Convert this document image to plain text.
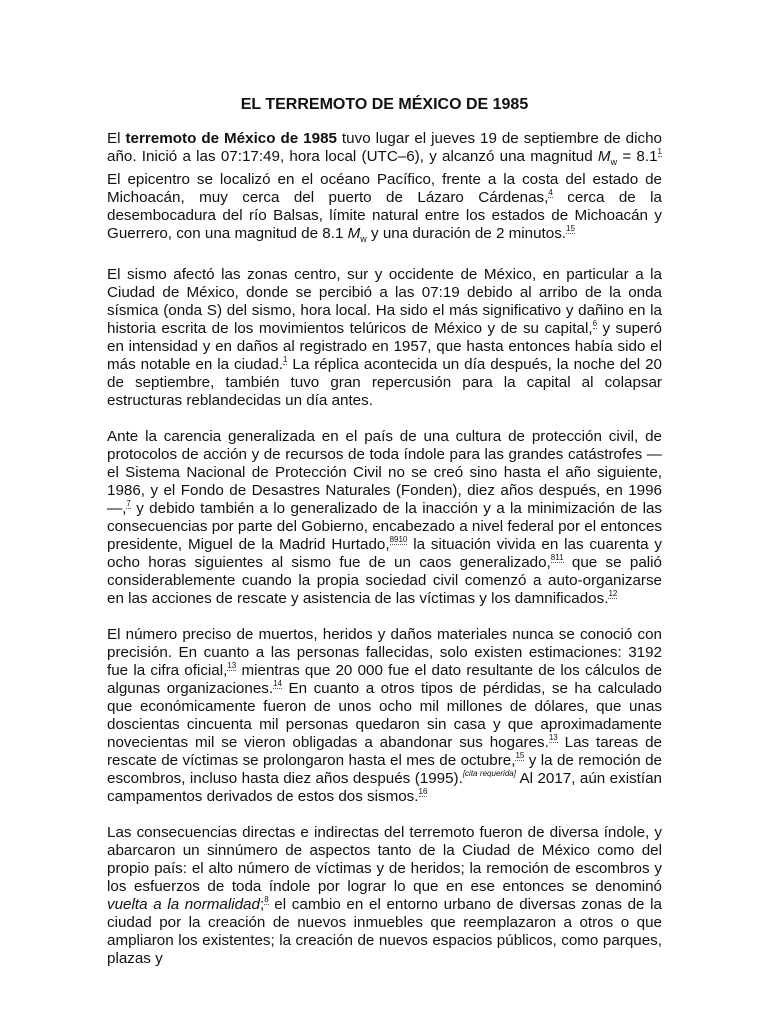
EL TERREMOTO DE MÉXICO DE 1985

El terremoto de México de 1985 tuvo lugar el jueves 19 de septiembre de dicho año. Inició a las 07:17:49, hora local (UTC–6), y alcanzó una magnitud $M_w = 8.1^1$ El epicentro se localizó en el océano Pacífico, frente a la costa del estado de Michoacán, muy cerca del puerto de Lázaro Cárdenas,$^4$ cerca de la desembocadura del río Balsas, límite natural entre los estados de Michoacán y Guerrero, con una magnitud de 8.1 $M_w$ y una duración de 2 minutos.$^{15}$

El sismo afectó las zonas centro, sur y occidente de México, en particular a la Ciudad de México, donde se percibió a las 07:19 debido al arribo de la onda sísmica (onda S) del sismo, hora local. Ha sido el más significativo y dañino en la historia escrita de los movimientos telúricos de México y de su capital,$^6$ y superó en intensidad y en daños al registrado en 1957, que hasta entonces había sido el más notable en la ciudad.$^1$ La réplica acontecida un día después, la noche del 20 de septiembre, también tuvo gran repercusión para la capital al colapsar estructuras reblandecidas un día antes.

Ante la carencia generalizada en el país de una cultura de protección civil, de protocolos de acción y de recursos de toda índole para las grandes catástrofes — el Sistema Nacional de Protección Civil no se creó sino hasta el año siguiente, 1986, y el Fondo de Desastres Naturales (Fonden), diez años después, en 1996 —,$^7$ y debido también a lo generalizado de la inacción y a la minimización de las consecuencias por parte del Gobierno, encabezado a nivel federal por el entonces presidente, Miguel de la Madrid Hurtado,$^{8910}$ la situación vivida en las cuarenta y ocho horas siguientes al sismo fue de un caos generalizado,$^{811}$ que se palió considerablemente cuando la propia sociedad civil comenzó a auto-organizarse en las acciones de rescate y asistencia de las víctimas y los damnificados.$^{12}$

El número preciso de muertos, heridos y daños materiales nunca se conoció con precisión. En cuanto a las personas fallecidas, solo existen estimaciones: 3192 fue la cifra oficial,$^{13}$ mientras que 20 000 fue el dato resultante de los cálculos de algunas organizaciones.$^{14}$ En cuanto a otros tipos de pérdidas, se ha calculado que económicamente fueron de unos ocho mil millones de dólares, que unas doscientas cincuenta mil personas quedaron sin casa y que aproximadamente novecientas mil se vieron obligadas a abandonar sus hogares.$^{13}$ Las tareas de rescate de víctimas se prolongaron hasta el mes de octubre,$^{15}$ y la de remoción de escombros, incluso hasta diez años después (1995).[cita requerida] Al 2017, aún existían campamentos derivados de estos dos sismos.$^{16}$

Las consecuencias directas e indirectas del terremoto fueron de diversa índole, y abarcaron un sinnúmero de aspectos tanto de la Ciudad de México como del propio país: el alto número de víctimas y de heridos; la remoción de escombros y los esfuerzos de toda índole por lograr lo que en ese entonces se denominó vuelta a la normalidad;$^8$ el cambio en el entorno urbano de diversas zonas de la ciudad por la creación de nuevos inmuebles que reemplazaron a otros o que ampliaron los existentes; la creación de nuevos espacios públicos, como parques, plazas y
